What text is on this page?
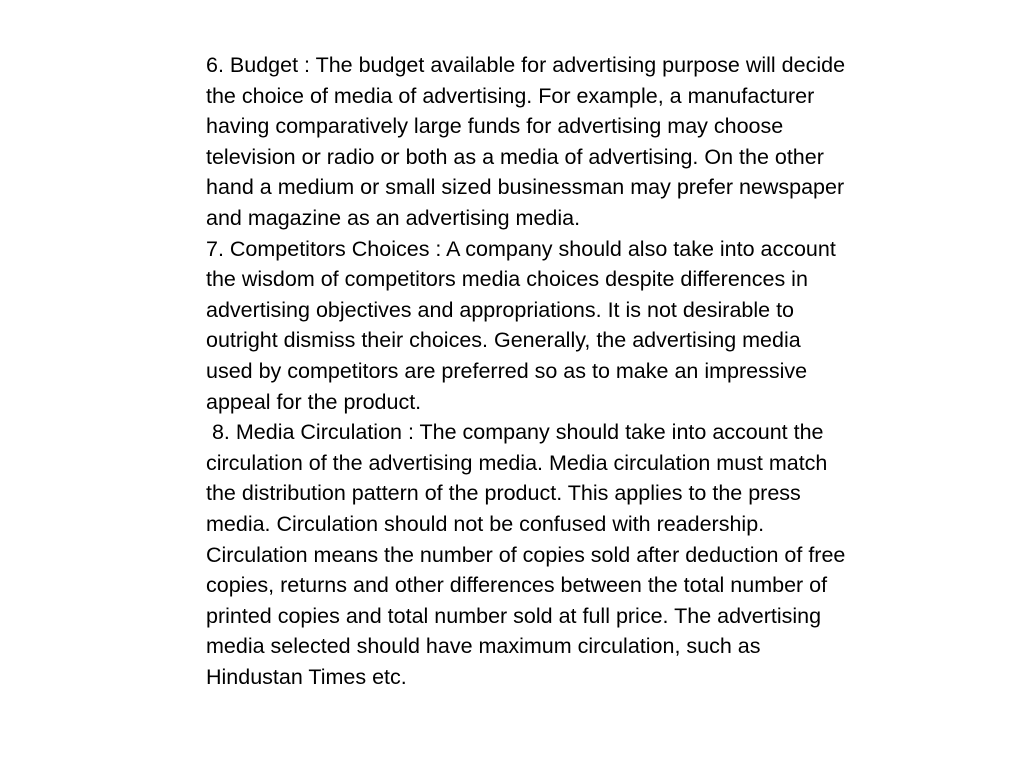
6. Budget : The budget available for advertising purpose will decide
the choice of media of advertising. For example, a manufacturer
having comparatively large funds for advertising may choose
television or radio or both as a media of advertising. On the other
hand a medium or small sized businessman may prefer newspaper
and magazine as an advertising media.
7. Competitors Choices : A company should also take into account
the wisdom of competitors media choices despite differences in
advertising objectives and appropriations. It is not desirable to
outright dismiss their choices. Generally, the advertising media
used by competitors are preferred so as to make an impressive
appeal for the product.
8. Media Circulation : The company should take into account the
circulation of the advertising media. Media circulation must match
the distribution pattern of the product. This applies to the press
media. Circulation should not be confused with readership.
Circulation means the number of copies sold after deduction of free
copies, returns and other differences between the total number of
printed copies and total number sold at full price. The advertising
media selected should have maximum circulation, such as
Hindustan Times etc.
